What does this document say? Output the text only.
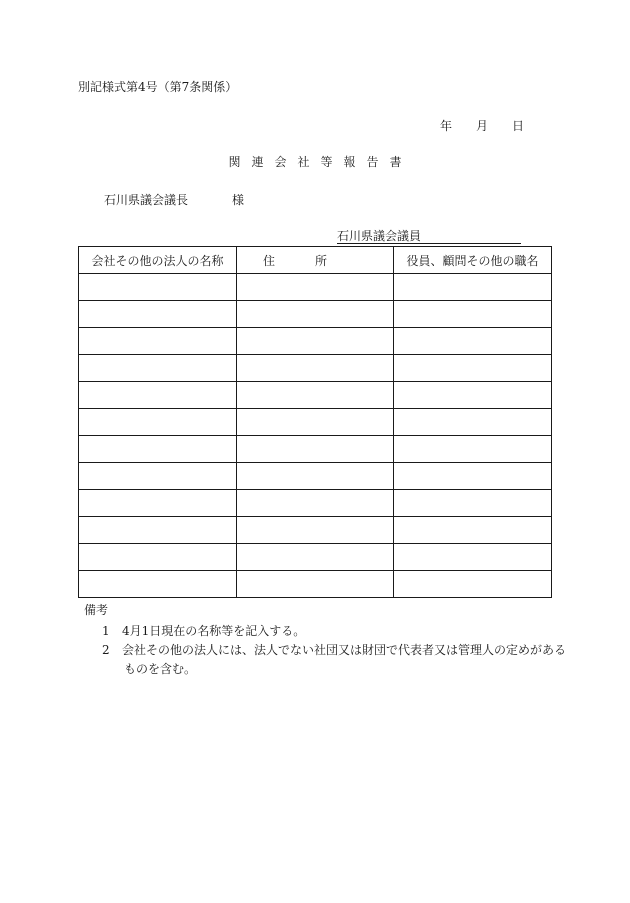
別記様式第4号（第7条関係）
年 月 日
関連会社等報告書
石川県議会議長	様
石川県議会議員
会社その他の法人の名称	住所	役員、顧問その他の職名

備考
1 4月1日現在の名称等を記入する。
2 会社その他の法人には、法人でない社団又は財団で代表者又は管理人の定めがある
ものを含む。
